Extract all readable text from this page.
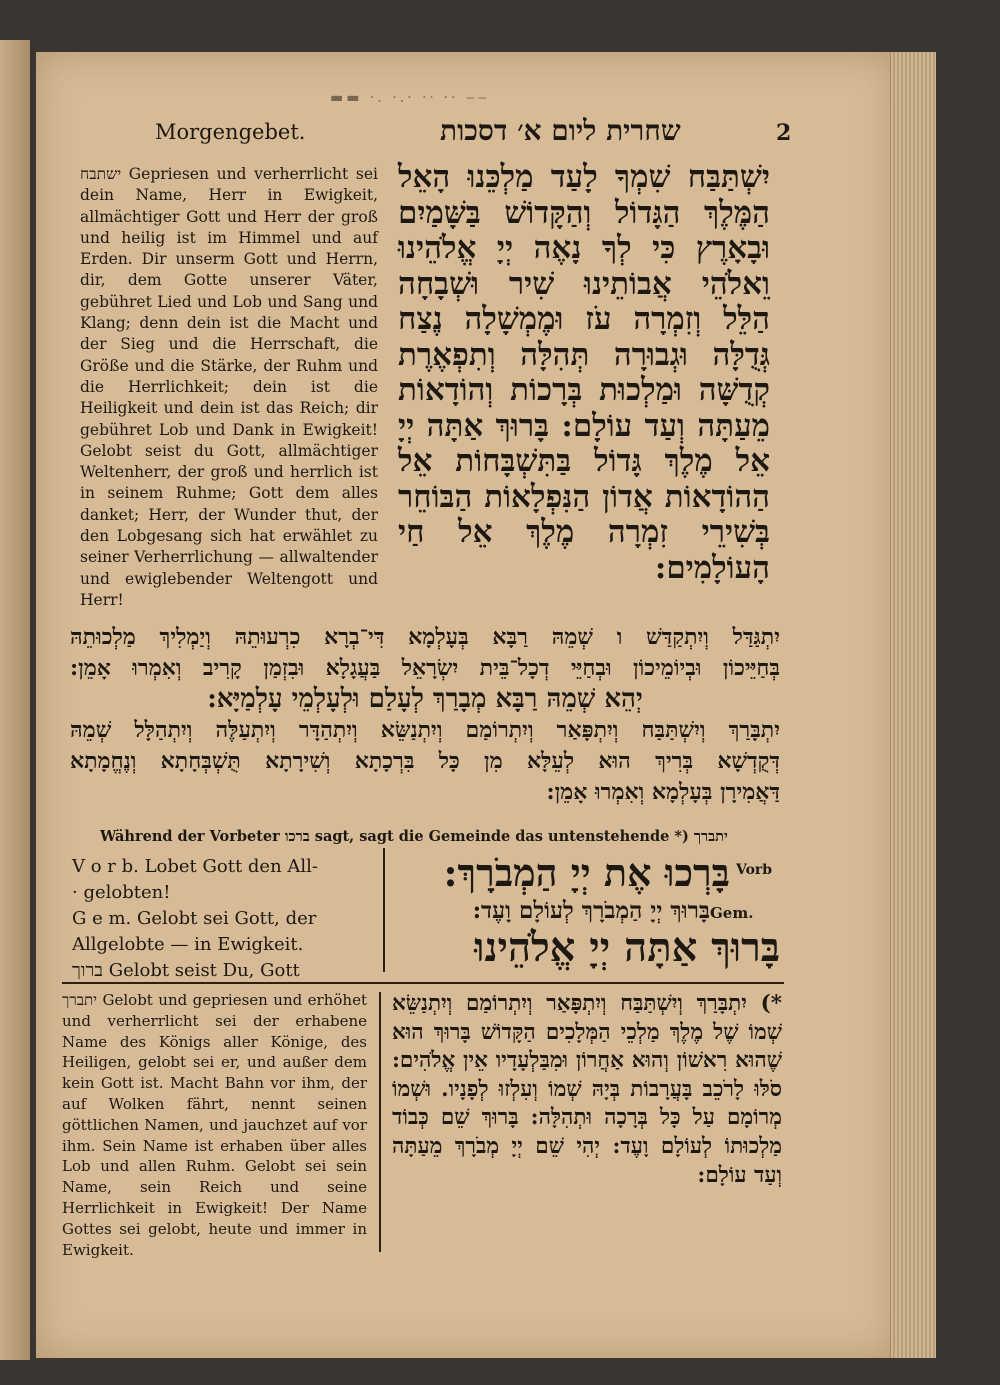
▬▬ ·. ·.· ·ᐧ ·· ‒‒
Morgengebet.	שחרית ליום א׳ דסכות	2
ישתבח Gepriesen und verherrlicht sei dein Name, Herr in Ewigkeit, allmächtiger Gott und Herr der groß und heilig ist im Himmel und auf Erden. Dir unserm Gott und Herrn, dir, dem Gotte unserer Väter, gebühret Lied und Lob und Sang und Klang; denn dein ist die Macht und der Sieg und die Herrschaft, die Größe und die Stärke, der Ruhm und die Herrlichkeit; dein ist die Heiligkeit und dein ist das Reich; dir gebühret Lob und Dank in Ewigkeit! Gelobt seist du Gott, allmächtiger Weltenherr, der groß und herrlich ist in seinem Ruhme; Gott dem alles danket; Herr, der Wunder thut, der den Lobgesang sich hat erwählet zu seiner Verherrlichung — allwaltender und ewiglebender Weltengott und Herr!
יִשְׁתַּבַּח שִׁמְךָ לָעַד מַלְכֵּנוּ הָאֵל הַמֶּלֶךְ הַגָּדוֹל וְהַקָּדוֹשׁ בַּשָּׁמַיִם וּבָאָרֶץ כִּי לְךָ נָאֶה יְיָ אֱלֹהֵינוּ וֵאלֹהֵי אֲבוֹתֵינוּ שִׁיר וּשְׁבָחָה הַלֵּל וְזִמְרָה עֹז וּמֶמְשָׁלָה נֶצַח גְּדֻלָּה וּגְבוּרָה תְּהִלָּה וְתִפְאֶרֶת קְדֻשָּׁה וּמַלְכוּת בְּרָכוֹת וְהוֹדָאוֹת מֵעַתָּה וְעַד עוֹלָם: בָּרוּךְ אַתָּה יְיָ אֵל מֶלֶךְ גָּדוֹל בַּתִּשְׁבָּחוֹת אֵל הַהוֹדָאוֹת אֲדוֹן הַנִּפְלָאוֹת הַבּוֹחֵר בְּשִׁירֵי זִמְרָה מֶלֶךְ אֵל חַי הָעוֹלָמִים:

יִתְגַּדַּל וְיִתְקַדַּשׁ ו שְׁמֵהּ רַבָּא בְּעָלְמָא דִּי־בְרָא כִרְעוּתֵהּ וְיַמְלִיךְ מַלְכוּתֵהּ

בְּחַיֵּיכוֹן וּבְיוֹמֵיכוֹן וּבְחַיֵּי דְכָל־בֵּית יִשְׂרָאֵל בַּעֲגָלָא וּבִזְמַן קָרִיב וְאִמְרוּ אָמֵן:

יְהֵא שְׁמֵהּ רַבָּא מְבָרַךְ לְעָלַם וּלְעָלְמֵי עָלְמַיָּא:

יִתְבָּרַךְ וְיִשְׁתַּבַּח וְיִתְפָּאַר וְיִתְרוֹמַם וְיִתְנַשֵּׂא וְיִתְהַדָּר וְיִתְעַלֶּה וְיִתְהַלָּל שְׁמֵהּ

דְּקֻדְשָׁא בְּרִיךְ הוּא לְעֵלָּא מִן כָּל בִּרְכָתָא וְשִׁירָתָא תֻּשְׁבְּחָתָא וְנֶחֱמָתָא

דַּאֲמִירָן בְּעָלְמָא וְאִמְרוּ אָמֵן:

Während der Vorbeter ברכו sagt, sagt die Gemeinde das untenstehende *) יתברך
V o r b. Lobet Gott den All-
· gelobten!
G e m. Gelobt sei Gott, der
Allgelobte — in Ewigkeit.
ברוך Gelobt seist Du, Gott
בָּרְכוּ אֶת יְיָ הַמְבֹרָךְ: Vorb
בָּרוּךְ יְיָ הַמְבֹרָךְ לְעוֹלָם וָעֶד: Gem.
בָּרוּךְ אַתָּה יְיָ אֱלֹהֵינוּ
יתברך Gelobt und gepriesen und erhöhet und verherrlicht sei der erhabene Name des Königs aller Könige, des Heiligen, gelobt sei er, und außer dem kein Gott ist. Macht Bahn vor ihm, der auf Wolken fährt, nennt seinen göttlichen Namen, und jauchzet auf vor ihm. Sein Name ist erhaben über alles Lob und allen Ruhm. Gelobt sei sein Name, sein Reich und seine Herrlichkeit in Ewigkeit! Der Name Gottes sei gelobt, heute und immer in Ewigkeit.
*) יִתְבָּרַךְ וְיִשְׁתַּבַּח וְיִתְפָּאַר וְיִתְרוֹמַם וְיִתְנַשֵּׂא שְׁמוֹ שֶׁל מֶלֶךְ מַלְכֵי הַמְּלָכִים הַקָּדוֹשׁ בָּרוּךְ הוּא שֶׁהוּא רִאשׁוֹן וְהוּא אַחֲרוֹן וּמִבַּלְעָדָיו אֵין אֱלֹהִים: סֹלּוּ לָרֹכֵב בָּעֲרָבוֹת בְּיָהּ שְׁמוֹ וְעִלְזוּ לְפָנָיו. וּשְׁמוֹ מְרוֹמָם עַל כָּל בְּרָכָה וּתְהִלָּה: בָּרוּךְ שֵׁם כְּבוֹד מַלְכוּתוֹ לְעוֹלָם וָעֶד: יְהִי שֵׁם יְיָ מְבֹרָךְ מֵעַתָּה וְעַד עוֹלָם:
